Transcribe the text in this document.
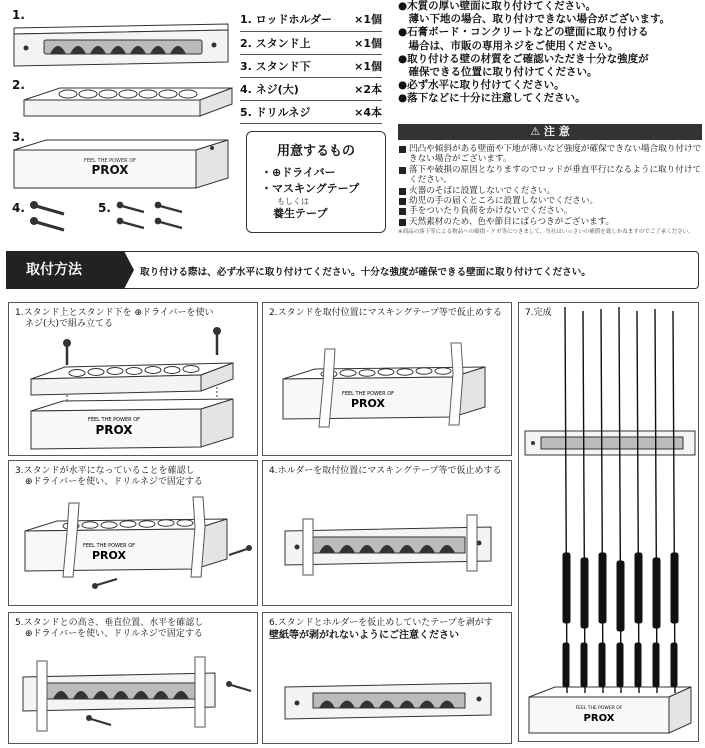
1.
2.
3.
4.	5.
FEEL THE POWER OF
PROX
1. ロッドホルダー	×1個
2. スタンド上	×1個
3. スタンド下	×1個
4. ネジ(大)	×2本
5. ドリルネジ	×4本
用意するもの
・⊕ドライバー
・マスキングテープ
もしくは
養生テープ
●木質の厚い壁面に取り付けてください。
　薄い下地の場合、取り付けできない場合がございます。
●石膏ボード・コンクリートなどの壁面に取り付ける
　場合は、市販の専用ネジをご使用ください。
●取り付ける壁の材質をご確認いただき十分な強度が
　確保できる位置に取り付けてください。
●必ず水平に取り付けてください。
●落下などに十分に注意してください。
⚠ 注 意
凹凸や傾斜がある壁面や下地が薄いなど強度が確保できない場合取り付けできない場合がございます。
落下や破損の原因となりますのでロッドが垂直平行になるように取り付けてください。
火器のそばに設置しないでください。
幼児の手の届くところに設置しないでください。
手をついたり負荷をかけないでください。
天然素材のため、色や節目にばらつきがございます。
※商品の落下等による物品への破損・ケガ等につきまして、当社はいっさいの補償を致しかねますのでご了承ください。
取付方法	取り付ける際は、必ず水平に取り付けてください。十分な強度が確保できる壁面に取り付けてください。
1.スタンド上とスタンド下を ⊕ドライバーを使い
ネジ(大)で組み立てる
FEEL THE POWER OF
PROX
2.スタンドを取付位置にマスキングテープ等で仮止めする
FEEL THE POWER OF
PROX
7.完成
FEEL THE POWER OF
PROX
3.スタンドが水平になっていることを確認し
⊕ドライバーを使い、ドリルネジで固定する
FEEL THE POWER OF
PROX
4.ホルダーを取付位置にマスキングテープ等で仮止めする
5.スタンドとの高さ、垂直位置、水平を確認し
⊕ドライバーを使い、ドリルネジで固定する
6.スタンドとホルダーを仮止めしていたテープを剥がす
壁紙等が剥がれないようにご注意ください
